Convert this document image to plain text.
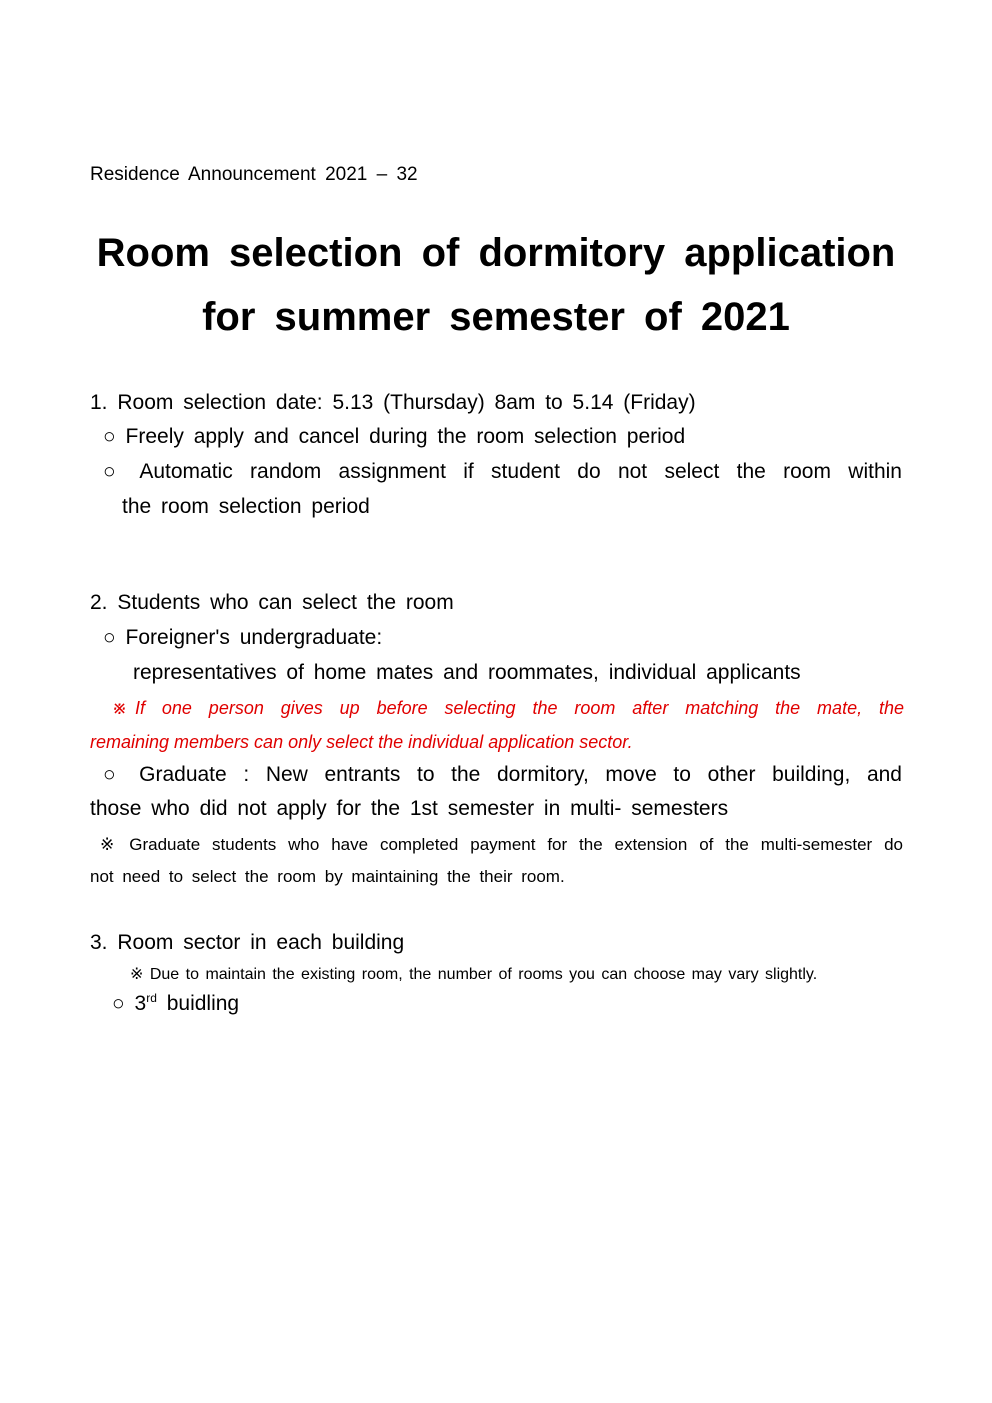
Residence Announcement 2021 – 32
Room selection of dormitory application
for summer semester of 2021
1. Room selection date: 5.13 (Thursday) 8am to 5.14 (Friday)
○ Freely apply and cancel during the room selection period
○ Automatic random assignment if student do not select the room within
the room selection period
2. Students who can select the room
○ Foreigner's undergraduate:
representatives of home mates and roommates, individual applicants
※If one person gives up before selecting the room after matching the mate, the
remaining members can only select the individual application sector.
○ Graduate : New entrants to the dormitory, move to other building, and
those who did not apply for the 1st semester in multi- semesters
※ Graduate students who have completed payment for the extension of the multi-semester do
not need to select the room by maintaining the their room.
3. Room sector in each building
※ Due to maintain the existing room, the number of rooms you can choose may vary slightly.
○ 3rd buidling
